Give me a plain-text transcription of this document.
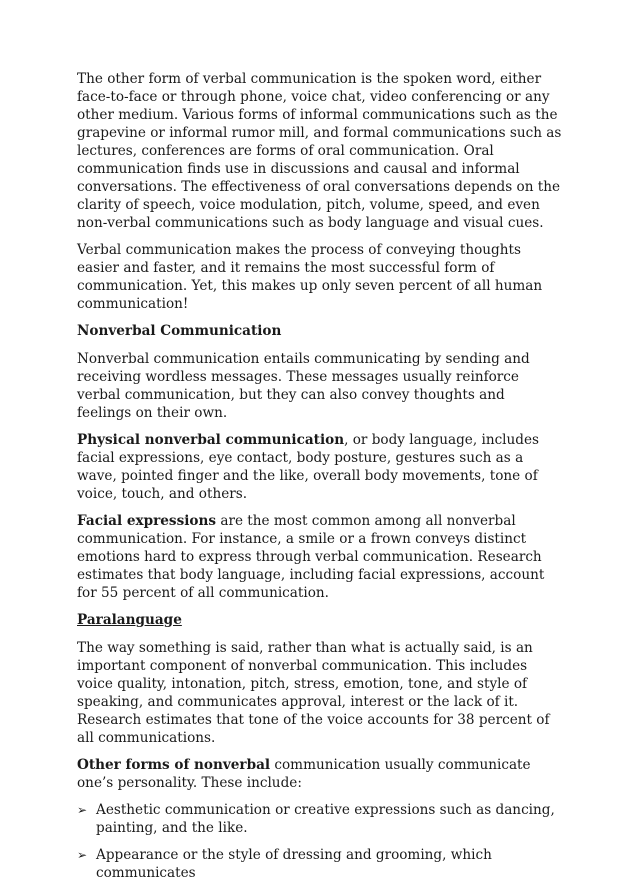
The other form of verbal communication is the spoken word, either face-to-face or through phone, voice chat, video conferencing or any other medium. Various forms of informal communications such as the grapevine or informal rumor mill, and formal communications such as lectures, conferences are forms of oral communication. Oral communication finds use in discussions and causal and informal conversations. The effectiveness of oral conversations depends on the clarity of speech, voice modulation, pitch, volume, speed, and even non-verbal communications such as body language and visual cues.

Verbal communication makes the process of conveying thoughts easier and faster, and it remains the most successful form of communication. Yet, this makes up only seven percent of all human communication!

Nonverbal Communication

Nonverbal communication entails communicating by sending and receiving wordless messages. These messages usually reinforce verbal communication, but they can also convey thoughts and feelings on their own.

Physical nonverbal communication, or body language, includes facial expressions, eye contact, body posture, gestures such as a wave, pointed finger and the like, overall body movements, tone of voice, touch, and others.

Facial expressions are the most common among all nonverbal communication. For instance, a smile or a frown conveys distinct emotions hard to express through verbal communication. Research estimates that body language, including facial expressions, account for 55 percent of all communication.

Paralanguage

The way something is said, rather than what is actually said, is an important component of nonverbal communication. This includes voice quality, intonation, pitch, stress, emotion, tone, and style of speaking, and communicates approval, interest or the lack of it. Research estimates that tone of the voice accounts for 38 percent of all communications.

Other forms of nonverbal communication usually communicate one’s personality. These include:

➢ Aesthetic communication or creative expressions such as dancing, painting, and the like.
➢ Appearance or the style of dressing and grooming, which communicates
